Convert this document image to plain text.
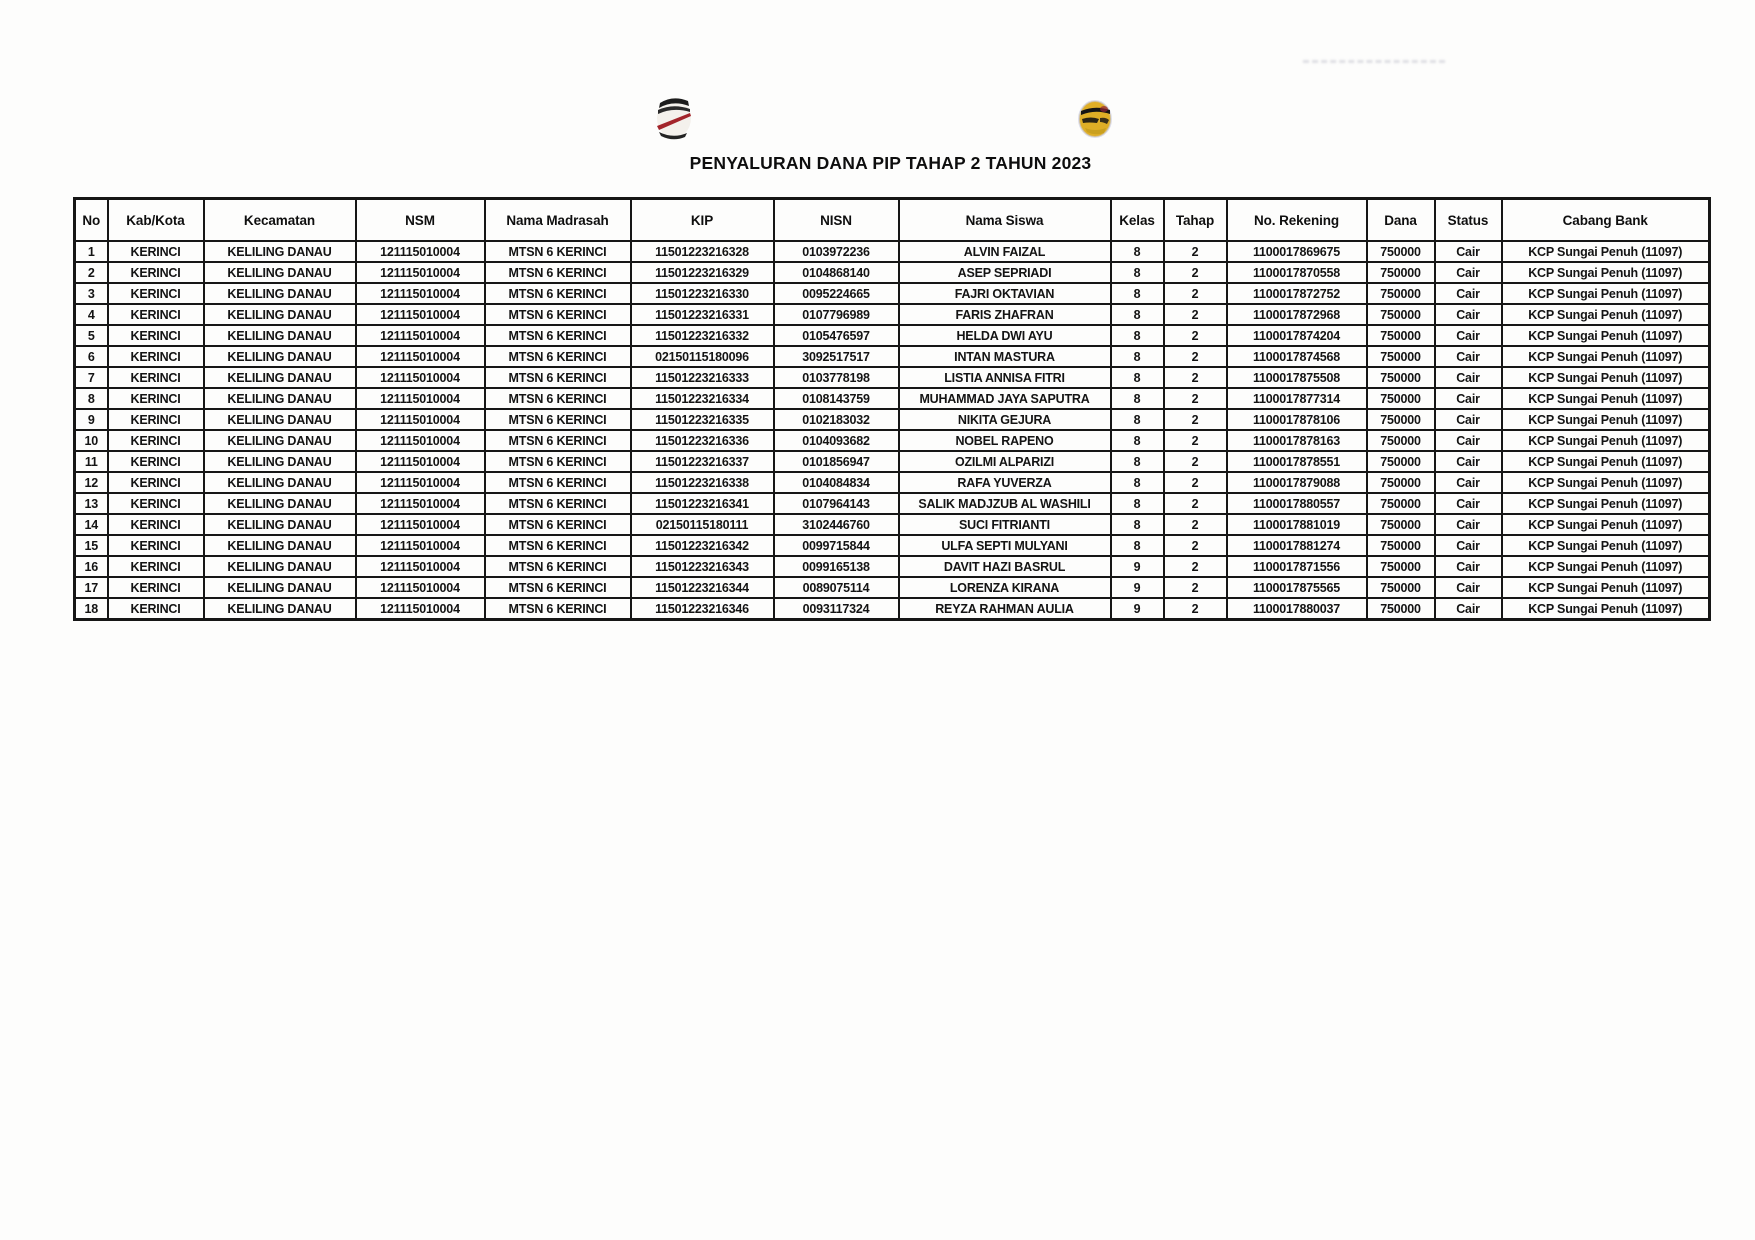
PENYALURAN DANA PIP TAHAP 2 TAHUN 2023
No	Kab/Kota	Kecamatan	NSM	Nama Madrasah	KIP	NISN	Nama Siswa	Kelas	Tahap	No. Rekening	Dana	Status	Cabang Bank
1	KERINCI	KELILING DANAU	121115010004	MTSN 6 KERINCI	11501223216328	0103972236	ALVIN FAIZAL	8	2	1100017869675	750000	Cair	KCP Sungai Penuh (11097)
2	KERINCI	KELILING DANAU	121115010004	MTSN 6 KERINCI	11501223216329	0104868140	ASEP SEPRIADI	8	2	1100017870558	750000	Cair	KCP Sungai Penuh (11097)
3	KERINCI	KELILING DANAU	121115010004	MTSN 6 KERINCI	11501223216330	0095224665	FAJRI OKTAVIAN	8	2	1100017872752	750000	Cair	KCP Sungai Penuh (11097)
4	KERINCI	KELILING DANAU	121115010004	MTSN 6 KERINCI	11501223216331	0107796989	FARIS ZHAFRAN	8	2	1100017872968	750000	Cair	KCP Sungai Penuh (11097)
5	KERINCI	KELILING DANAU	121115010004	MTSN 6 KERINCI	11501223216332	0105476597	HELDA DWI AYU	8	2	1100017874204	750000	Cair	KCP Sungai Penuh (11097)
6	KERINCI	KELILING DANAU	121115010004	MTSN 6 KERINCI	02150115180096	3092517517	INTAN MASTURA	8	2	1100017874568	750000	Cair	KCP Sungai Penuh (11097)
7	KERINCI	KELILING DANAU	121115010004	MTSN 6 KERINCI	11501223216333	0103778198	LISTIA ANNISA FITRI	8	2	1100017875508	750000	Cair	KCP Sungai Penuh (11097)
8	KERINCI	KELILING DANAU	121115010004	MTSN 6 KERINCI	11501223216334	0108143759	MUHAMMAD JAYA SAPUTRA	8	2	1100017877314	750000	Cair	KCP Sungai Penuh (11097)
9	KERINCI	KELILING DANAU	121115010004	MTSN 6 KERINCI	11501223216335	0102183032	NIKITA GEJURA	8	2	1100017878106	750000	Cair	KCP Sungai Penuh (11097)
10	KERINCI	KELILING DANAU	121115010004	MTSN 6 KERINCI	11501223216336	0104093682	NOBEL RAPENO	8	2	1100017878163	750000	Cair	KCP Sungai Penuh (11097)
11	KERINCI	KELILING DANAU	121115010004	MTSN 6 KERINCI	11501223216337	0101856947	OZILMI ALPARIZI	8	2	1100017878551	750000	Cair	KCP Sungai Penuh (11097)
12	KERINCI	KELILING DANAU	121115010004	MTSN 6 KERINCI	11501223216338	0104084834	RAFA YUVERZA	8	2	1100017879088	750000	Cair	KCP Sungai Penuh (11097)
13	KERINCI	KELILING DANAU	121115010004	MTSN 6 KERINCI	11501223216341	0107964143	SALIK MADJZUB AL WASHILI	8	2	1100017880557	750000	Cair	KCP Sungai Penuh (11097)
14	KERINCI	KELILING DANAU	121115010004	MTSN 6 KERINCI	02150115180111	3102446760	SUCI FITRIANTI	8	2	1100017881019	750000	Cair	KCP Sungai Penuh (11097)
15	KERINCI	KELILING DANAU	121115010004	MTSN 6 KERINCI	11501223216342	0099715844	ULFA SEPTI MULYANI	8	2	1100017881274	750000	Cair	KCP Sungai Penuh (11097)
16	KERINCI	KELILING DANAU	121115010004	MTSN 6 KERINCI	11501223216343	0099165138	DAVIT HAZI BASRUL	9	2	1100017871556	750000	Cair	KCP Sungai Penuh (11097)
17	KERINCI	KELILING DANAU	121115010004	MTSN 6 KERINCI	11501223216344	0089075114	LORENZA KIRANA	9	2	1100017875565	750000	Cair	KCP Sungai Penuh (11097)
18	KERINCI	KELILING DANAU	121115010004	MTSN 6 KERINCI	11501223216346	0093117324	REYZA RAHMAN AULIA	9	2	1100017880037	750000	Cair	KCP Sungai Penuh (11097)
